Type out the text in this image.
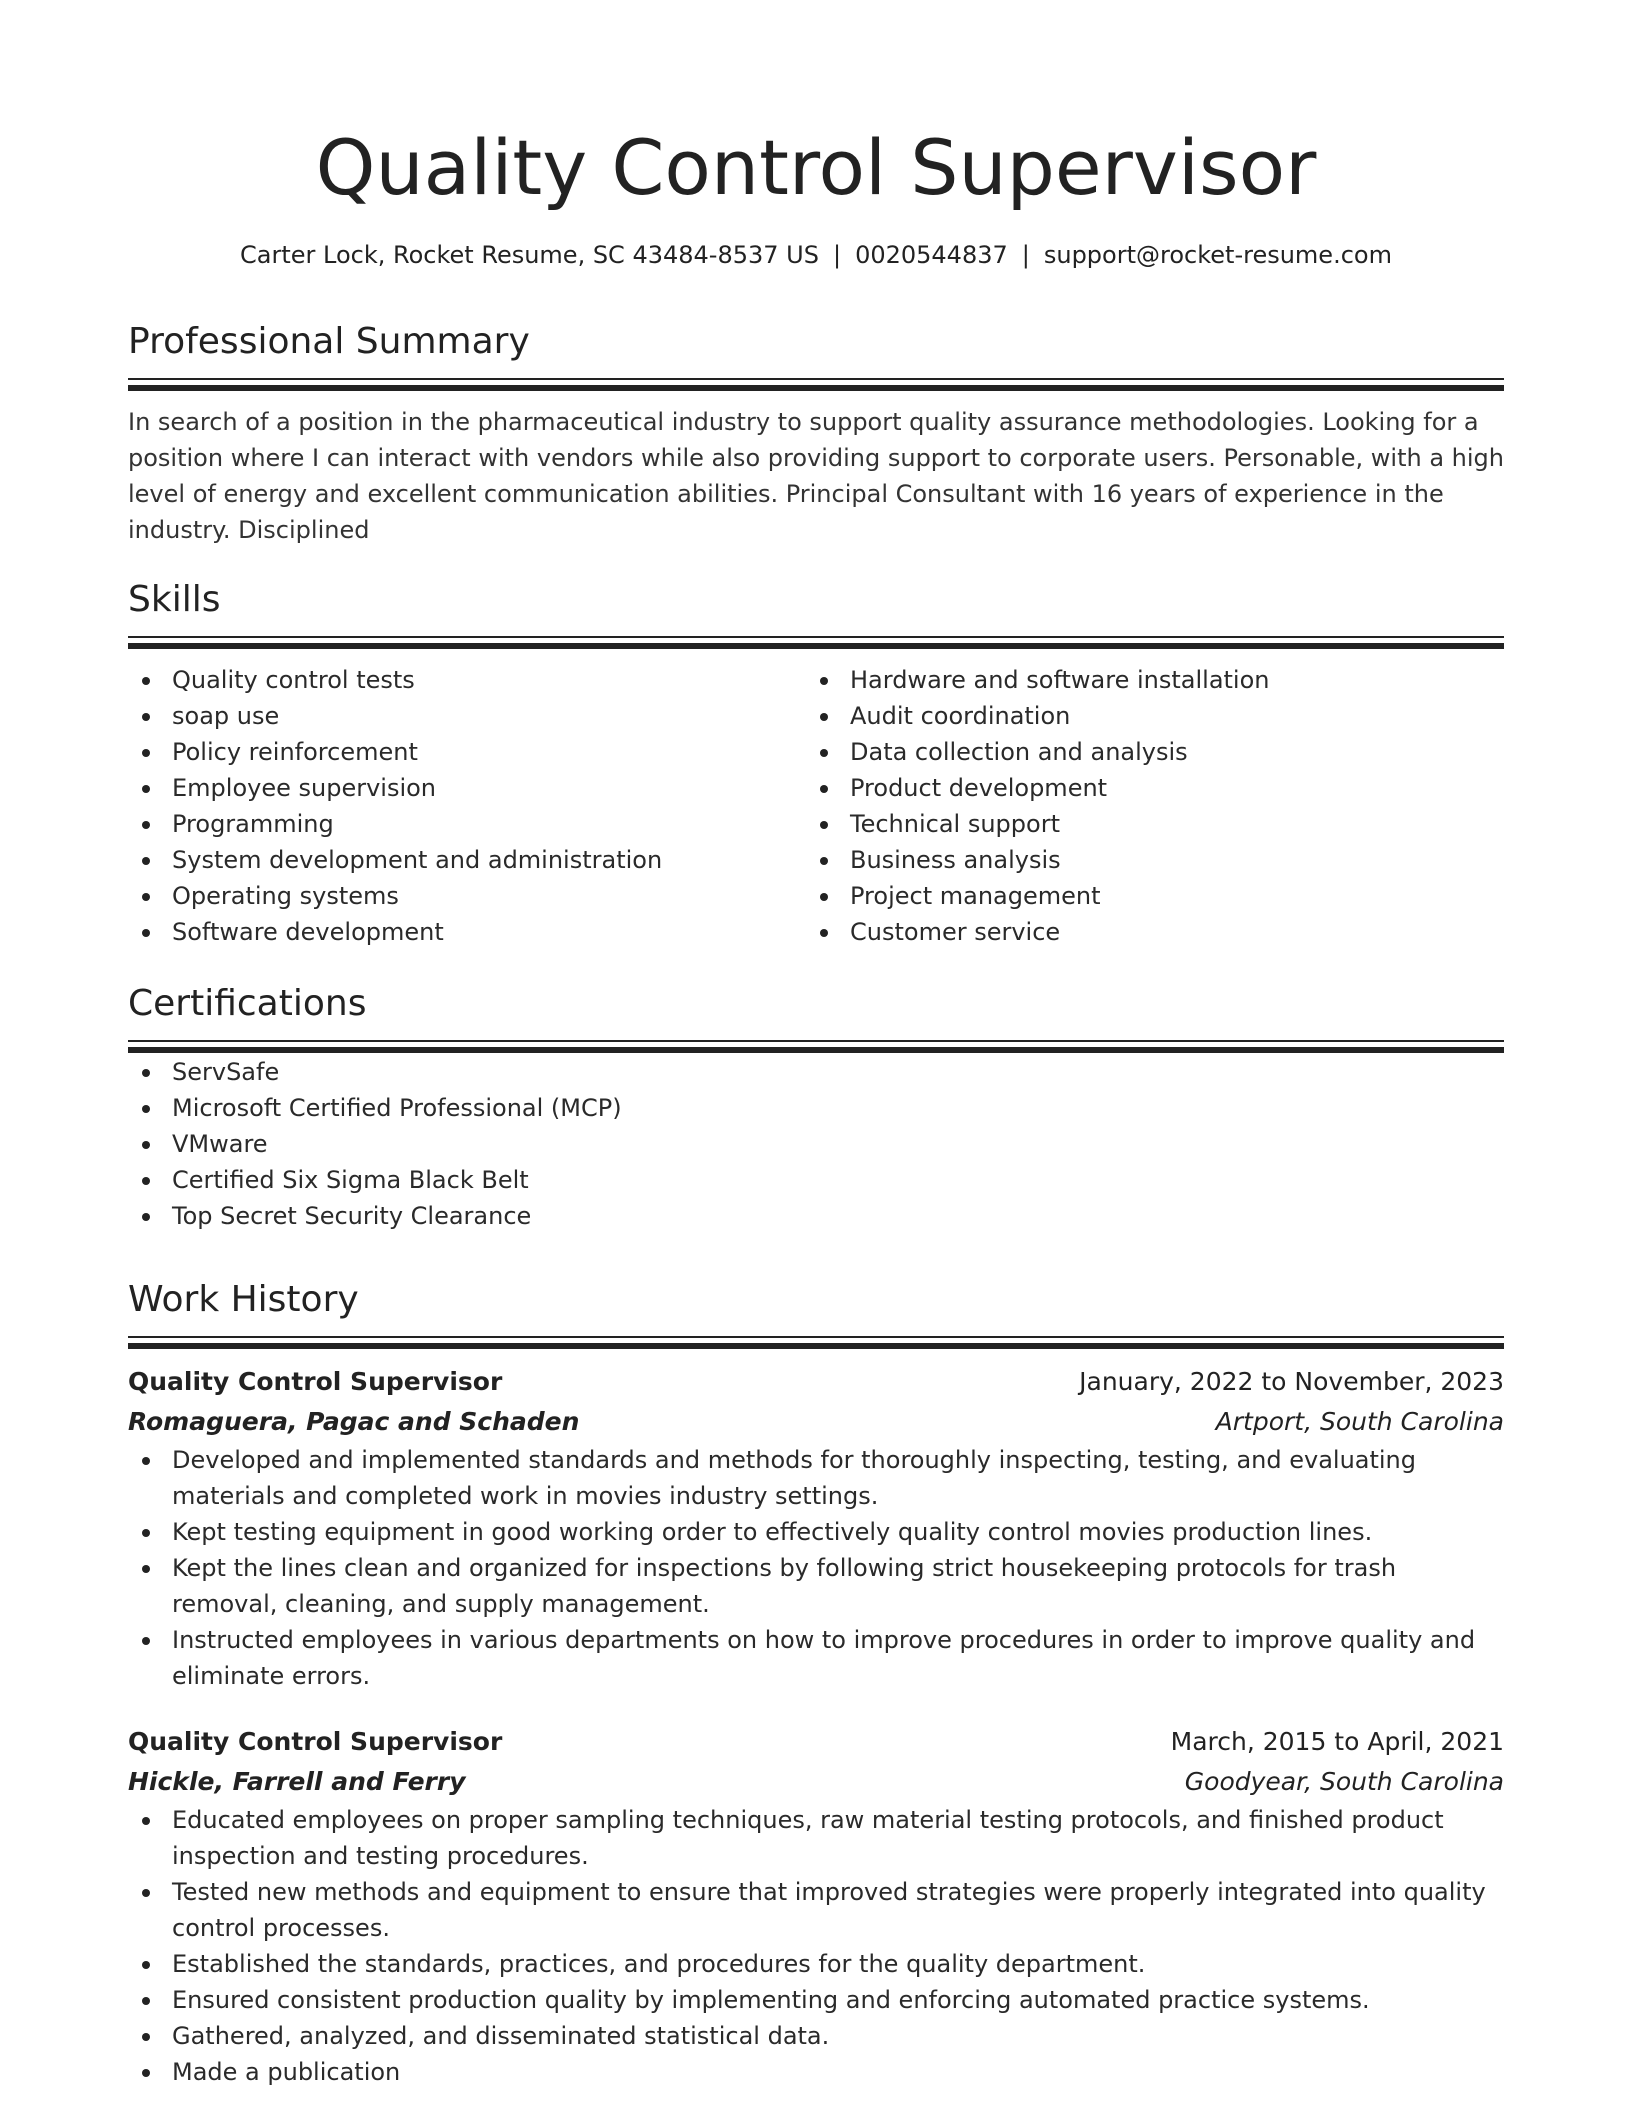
Quality Control Supervisor
Carter Lock, Rocket Resume, SC 43484-8537 US | 0020544837 | support@rocket-resume.com
Professional Summary
In search of a position in the pharmaceutical industry to support quality assurance methodologies. Looking for a position where I can interact with vendors while also providing support to corporate users. Personable, with a high level of energy and excellent communication abilities. Principal Consultant with 16 years of experience in the industry. Disciplined
Skills
Quality control tests
soap use
Policy reinforcement
Employee supervision
Programming
System development and administration
Operating systems
Software development
Hardware and software installation
Audit coordination
Data collection and analysis
Product development
Technical support
Business analysis
Project management
Customer service
Certifications
ServSafe
Microsoft Certified Professional (MCP)
VMware
Certified Six Sigma Black Belt
Top Secret Security Clearance
Work History
Quality Control Supervisor	January, 2022 to November, 2023
Romaguera, Pagac and Schaden	Artport, South Carolina
Developed and implemented standards and methods for thoroughly inspecting, testing, and evaluating materials and completed work in movies industry settings.
Kept testing equipment in good working order to effectively quality control movies production lines.
Kept the lines clean and organized for inspections by following strict housekeeping protocols for trash removal, cleaning, and supply management.
Instructed employees in various departments on how to improve procedures in order to improve quality and eliminate errors.
Quality Control Supervisor	March, 2015 to April, 2021
Hickle, Farrell and Ferry	Goodyear, South Carolina
Educated employees on proper sampling techniques, raw material testing protocols, and finished product inspection and testing procedures.
Tested new methods and equipment to ensure that improved strategies were properly integrated into quality control processes.
Established the standards, practices, and procedures for the quality department.
Ensured consistent production quality by implementing and enforcing automated practice systems.
Gathered, analyzed, and disseminated statistical data.
Made a publication
